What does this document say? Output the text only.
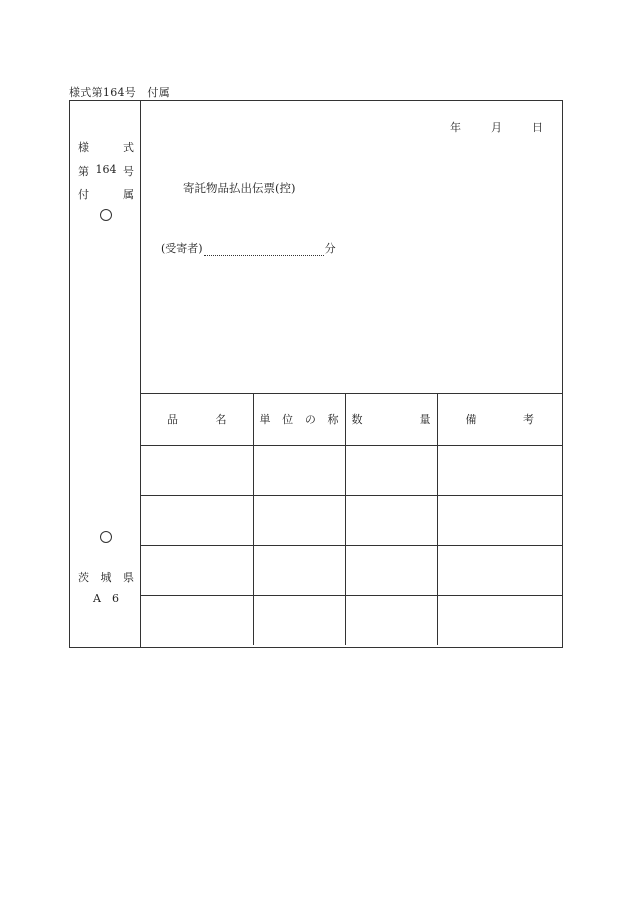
様式第164号　付属
様	式
第 164 号
付	属
茨 城 県
A 6
年	月	日
寄託物品払出伝票(控)
(受寄者)	分
品 名	単 位 の 称	数 量	備 考
